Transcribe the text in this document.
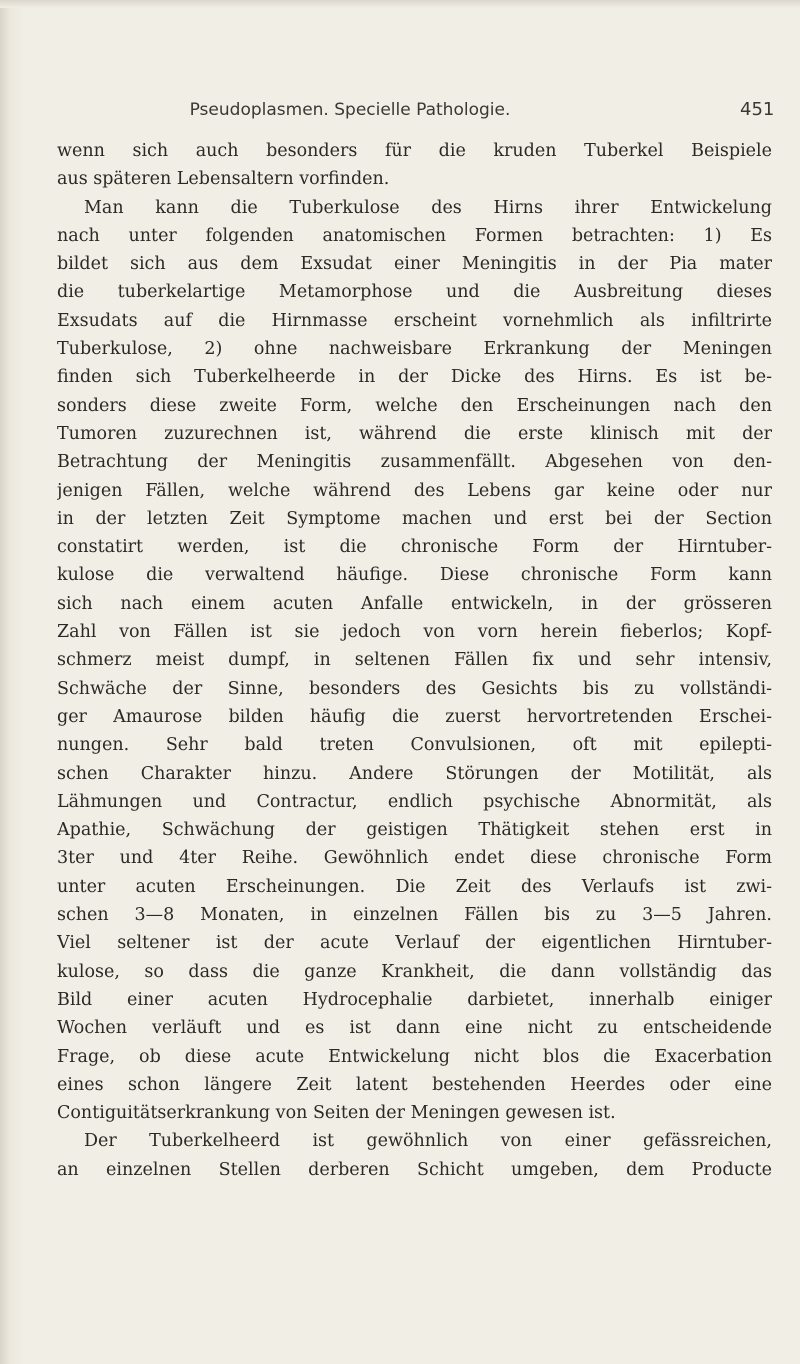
Pseudoplasmen. Specielle Pathologie.	451
wenn sich auch besonders für die kruden Tuberkel Beispiele
aus späteren Lebensaltern vorfinden.
Man kann die Tuberkulose des Hirns ihrer Entwickelung
nach unter folgenden anatomischen Formen betrachten: 1) Es
bildet sich aus dem Exsudat einer Meningitis in der Pia mater
die tuberkelartige Metamorphose und die Ausbreitung dieses
Exsudats auf die Hirnmasse erscheint vornehmlich als infiltrirte
Tuberkulose, 2) ohne nachweisbare Erkrankung der Meningen
finden sich Tuberkelheerde in der Dicke des Hirns. Es ist be-
sonders diese zweite Form, welche den Erscheinungen nach den
Tumoren zuzurechnen ist, während die erste klinisch mit der
Betrachtung der Meningitis zusammenfällt. Abgesehen von den-
jenigen Fällen, welche während des Lebens gar keine oder nur
in der letzten Zeit Symptome machen und erst bei der Section
constatirt werden, ist die chronische Form der Hirntuber-
kulose die verwaltend häufige. Diese chronische Form kann
sich nach einem acuten Anfalle entwickeln, in der grösseren
Zahl von Fällen ist sie jedoch von vorn herein fieberlos; Kopf-
schmerz meist dumpf, in seltenen Fällen fix und sehr intensiv,
Schwäche der Sinne, besonders des Gesichts bis zu vollständi-
ger Amaurose bilden häufig die zuerst hervortretenden Erschei-
nungen. Sehr bald treten Convulsionen, oft mit epilepti-
schen Charakter hinzu. Andere Störungen der Motilität, als
Lähmungen und Contractur, endlich psychische Abnormität, als
Apathie, Schwächung der geistigen Thätigkeit stehen erst in
3ter und 4ter Reihe. Gewöhnlich endet diese chronische Form
unter acuten Erscheinungen. Die Zeit des Verlaufs ist zwi-
schen 3—8 Monaten, in einzelnen Fällen bis zu 3—5 Jahren.
Viel seltener ist der acute Verlauf der eigentlichen Hirntuber-
kulose, so dass die ganze Krankheit, die dann vollständig das
Bild einer acuten Hydrocephalie darbietet, innerhalb einiger
Wochen verläuft und es ist dann eine nicht zu entscheidende
Frage, ob diese acute Entwickelung nicht blos die Exacerbation
eines schon längere Zeit latent bestehenden Heerdes oder eine
Contiguitätserkrankung von Seiten der Meningen gewesen ist.
Der Tuberkelheerd ist gewöhnlich von einer gefässreichen,
an einzelnen Stellen derberen Schicht umgeben, dem Producte
